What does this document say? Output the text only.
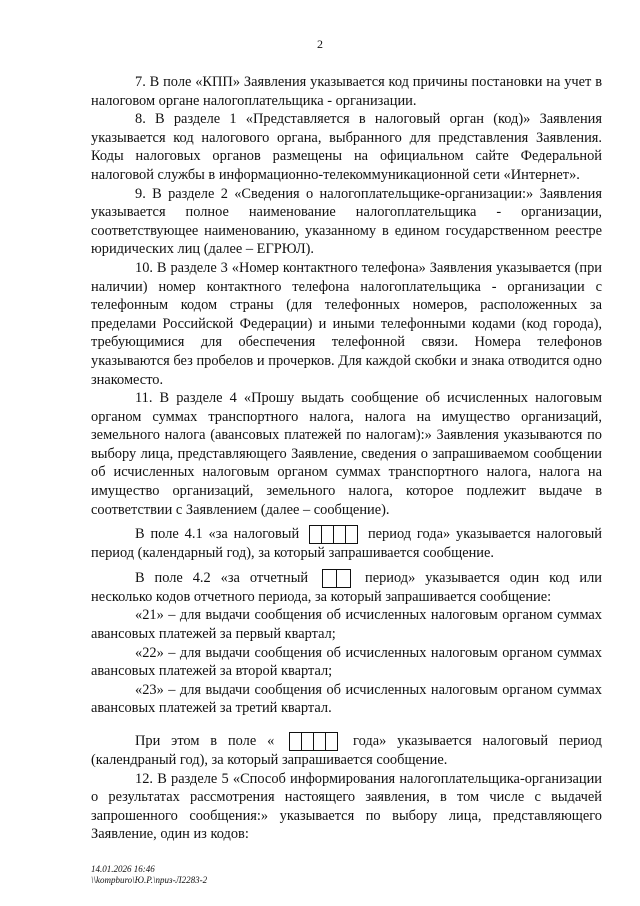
2

7. В поле «КПП» Заявления указывается код причины постановки на учет в налоговом органе налогоплательщика - организации.

8. В разделе 1 «Представляется в налоговый орган (код)» Заявления указывается код налогового органа, выбранного для представления Заявления. Коды налоговых органов размещены на официальном сайте Федеральной налоговой службы в информационно-телекоммуникационной сети «Интернет».

9. В разделе 2 «Сведения о налогоплательщике-организации:» Заявления указывается полное наименование налогоплательщика - организации, соответствующее наименованию, указанному в едином государственном реестре юридических лиц (далее – ЕГРЮЛ).

10. В разделе 3 «Номер контактного телефона» Заявления указывается (при наличии) номер контактного телефона налогоплательщика - организации с телефонным кодом страны (для телефонных номеров, расположенных за пределами Российской Федерации) и иными телефонными кодами (код города), требующимися для обеспечения телефонной связи. Номера телефонов указываются без пробелов и прочерков. Для каждой скобки и знака отводится одно знакоместо.

11. В разделе 4 «Прошу выдать сообщение об исчисленных налоговым органом суммах транспортного налога, налога на имущество организаций, земельного налога (авансовых платежей по налогам):» Заявления указываются по выбору лица, представляющего Заявление, сведения о запрашиваемом сообщении об исчисленных налоговым органом суммах транспортного налога, налога на имущество организаций, земельного налога, которое подлежит выдаче в соответствии с Заявлением (далее – сообщение).

В поле 4.1 «за налоговый	период года» указывается налоговый период (календарный год), за который запрашивается сообщение.

В поле 4.2 «за отчетный	период» указывается один код или несколько кодов отчетного периода, за который запрашивается сообщение:

«21» – для выдачи сообщения об исчисленных налоговым органом суммах авансовых платежей за первый квартал;

«22» – для выдачи сообщения об исчисленных налоговым органом суммах авансовых платежей за второй квартал;

«23» – для выдачи сообщения об исчисленных налоговым органом суммах авансовых платежей за третий квартал.

При этом в поле «	года» указывается налоговый период (календраный год), за который запрашивается сообщение.

12. В разделе 5 «Способ информирования налогоплательщика-организации о результатах рассмотрения настоящего заявления, в том числе с выдачей запрошенного сообщения:» указывается по выбору лица, представляющего Заявление, один из кодов:

14.01.2026 16:46
\\kompburo\Ю.Р.\приз-Л2283-2
